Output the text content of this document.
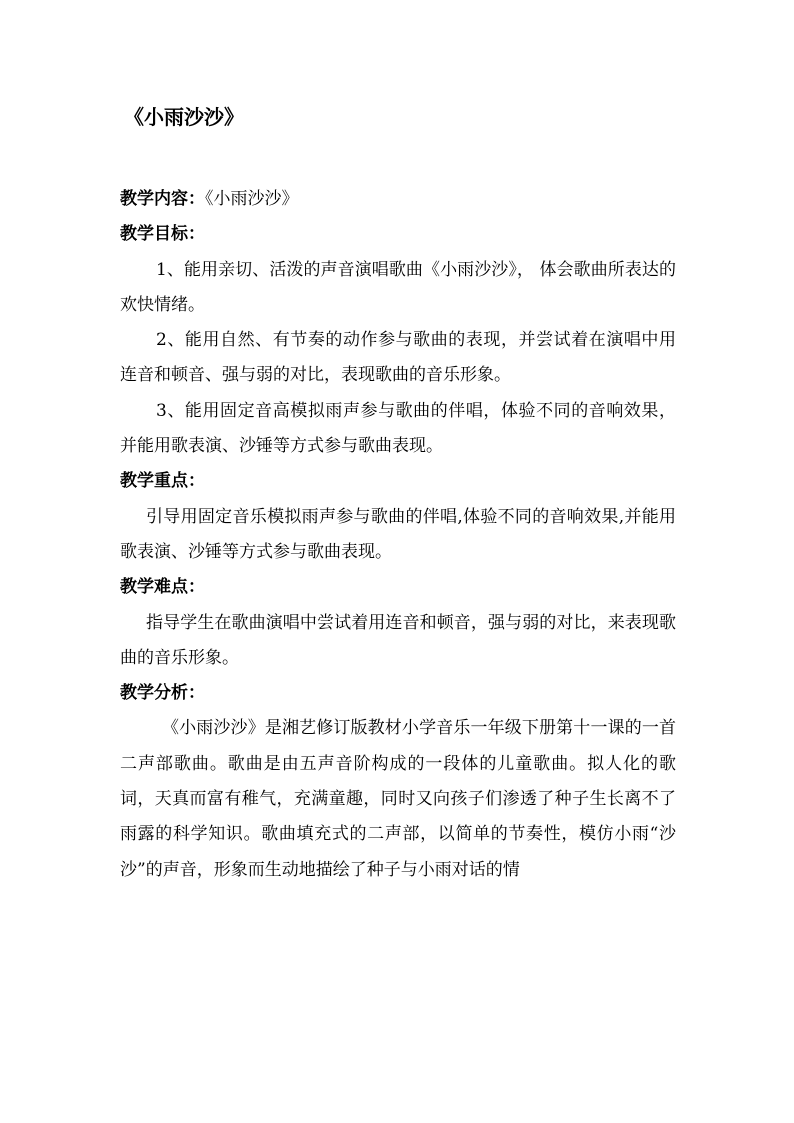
《小雨沙沙》
教学内容：《小雨沙沙》
教学目标：
1、能用亲切、活泼的声音演唱歌曲《小雨沙沙》， 体会歌曲所表达的欢快情绪。
2、能用自然、有节奏的动作参与歌曲的表现，并尝试着在演唱中用连音和顿音、强与弱的对比，表现歌曲的音乐形象。
3、能用固定音高模拟雨声参与歌曲的伴唱，体验不同的音响效果，并能用歌表演、沙锤等方式参与歌曲表现。
教学重点：
引导用固定音乐模拟雨声参与歌曲的伴唱,体验不同的音响效果,并能用歌表演、沙锤等方式参与歌曲表现。
教学难点：
指导学生在歌曲演唱中尝试着用连音和顿音，强与弱的对比，来表现歌曲的音乐形象。
教学分析：
《小雨沙沙》是湘艺修订版教材小学音乐一年级下册第十一课的一首二声部歌曲。歌曲是由五声音阶构成的一段体的儿童歌曲。拟人化的歌词，天真而富有稚气，充满童趣，同时又向孩子们渗透了种子生长离不了雨露的科学知识。歌曲填充式的二声部，以简单的节奏性，模仿小雨“沙沙”的声音，形象而生动地描绘了种子与小雨对话的情
